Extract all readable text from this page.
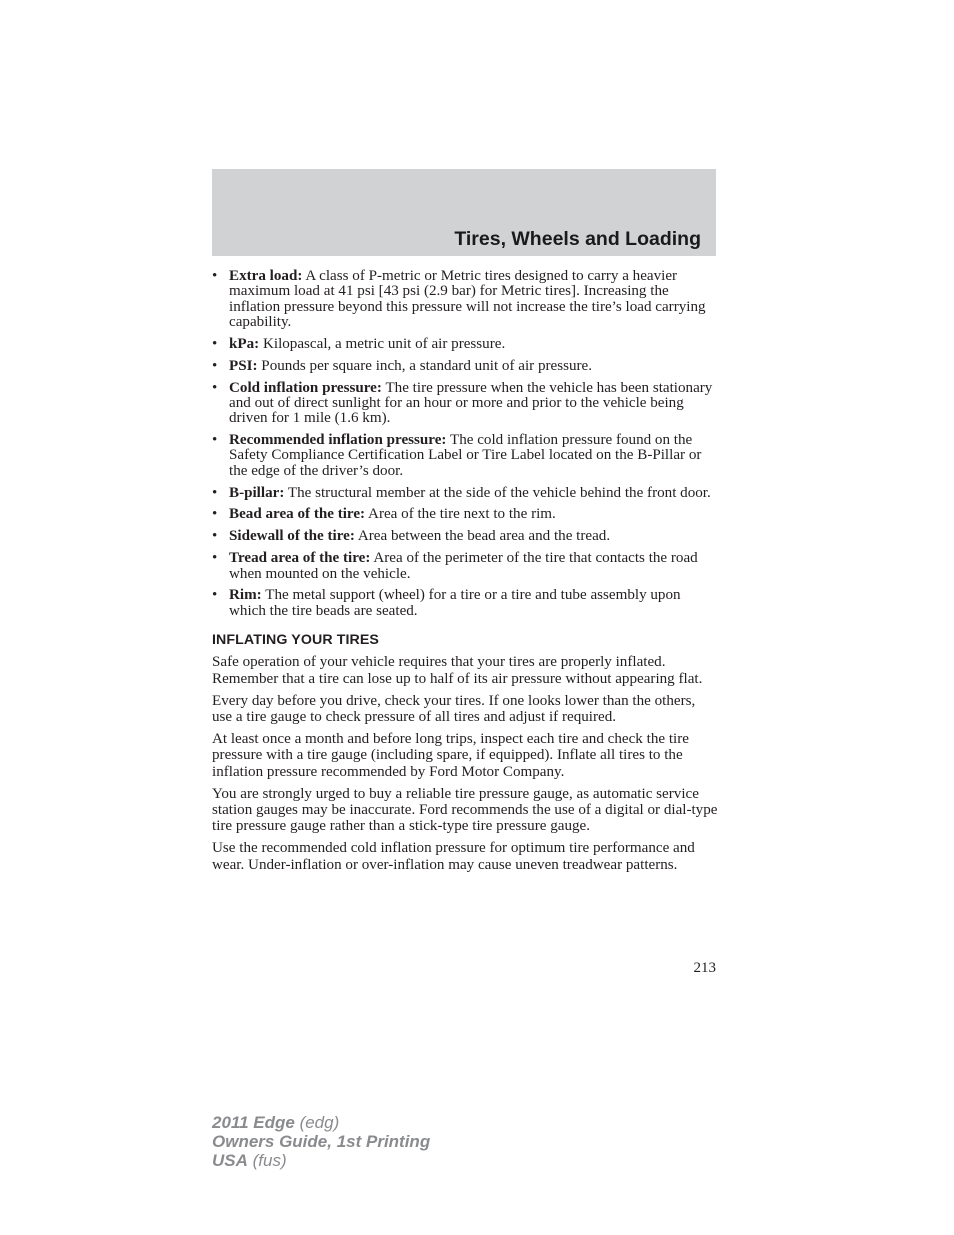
Tires, Wheels and Loading
• Extra load: A class of P-metric or Metric tires designed to carry a heavier maximum load at 41 psi [43 psi (2.9 bar) for Metric tires]. Increasing the inflation pressure beyond this pressure will not increase the tire’s load carrying capability.
• kPa: Kilopascal, a metric unit of air pressure.
• PSI: Pounds per square inch, a standard unit of air pressure.
• Cold inflation pressure: The tire pressure when the vehicle has been stationary and out of direct sunlight for an hour or more and prior to the vehicle being driven for 1 mile (1.6 km).
• Recommended inflation pressure: The cold inflation pressure found on the Safety Compliance Certification Label or Tire Label located on the B-Pillar or the edge of the driver’s door.
• B-pillar: The structural member at the side of the vehicle behind the front door.
• Bead area of the tire: Area of the tire next to the rim.
• Sidewall of the tire: Area between the bead area and the tread.
• Tread area of the tire: Area of the perimeter of the tire that contacts the road when mounted on the vehicle.
• Rim: The metal support (wheel) for a tire or a tire and tube assembly upon which the tire beads are seated.
INFLATING YOUR TIRES

Safe operation of your vehicle requires that your tires are properly inflated. Remember that a tire can lose up to half of its air pressure without appearing flat.

Every day before you drive, check your tires. If one looks lower than the others, use a tire gauge to check pressure of all tires and adjust if required.

At least once a month and before long trips, inspect each tire and check the tire pressure with a tire gauge (including spare, if equipped). Inflate all tires to the inflation pressure recommended by Ford Motor Company.

You are strongly urged to buy a reliable tire pressure gauge, as automatic service station gauges may be inaccurate. Ford recommends the use of a digital or dial-type tire pressure gauge rather than a stick-type tire pressure gauge.

Use the recommended cold inflation pressure for optimum tire performance and wear. Under-inflation or over-inflation may cause uneven treadwear patterns.

213
2011 Edge (edg)
Owners Guide, 1st Printing
USA (fus)
